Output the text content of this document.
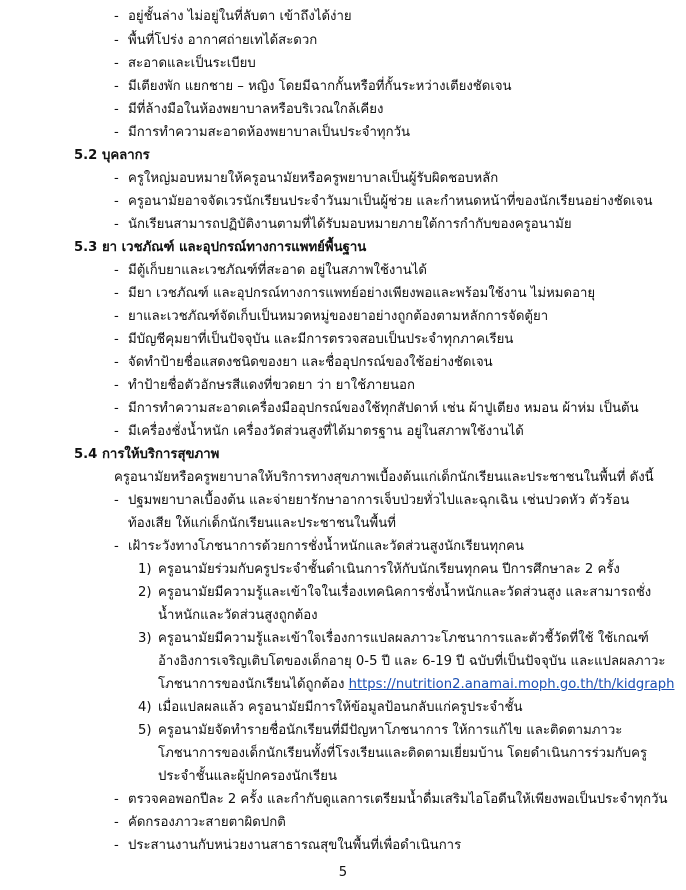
- อยู่ชั้นล่าง ไม่อยู่ในที่ลับตา เข้าถึงได้ง่าย
- พื้นที่โปร่ง อากาศถ่ายเทได้สะดวก
- สะอาดและเป็นระเบียบ
- มีเตียงพัก แยกชาย – หญิง โดยมีฉากกั้นหรือที่กั้นระหว่างเตียงชัดเจน
- มีที่ล้างมือในห้องพยาบาลหรือบริเวณใกล้เคียง
- มีการทำความสะอาดห้องพยาบาลเป็นประจำทุกวัน
5.2 บุคลากร
- ครูใหญ่มอบหมายให้ครูอนามัยหรือครูพยาบาลเป็นผู้รับผิดชอบหลัก
- ครูอนามัยอาจจัดเวรนักเรียนประจำวันมาเป็นผู้ช่วย และกำหนดหน้าที่ของนักเรียนอย่างชัดเจน
- นักเรียนสามารถปฏิบัติงานตามที่ได้รับมอบหมายภายใต้การกำกับของครูอนามัย
5.3 ยา เวชภัณฑ์ และอุปกรณ์ทางการแพทย์พื้นฐาน
- มีตู้เก็บยาและเวชภัณฑ์ที่สะอาด อยู่ในสภาพใช้งานได้
- มียา เวชภัณฑ์ และอุปกรณ์ทางการแพทย์อย่างเพียงพอและพร้อมใช้งาน ไม่หมดอายุ
- ยาและเวชภัณฑ์จัดเก็บเป็นหมวดหมู่ของยาอย่างถูกต้องตามหลักการจัดตู้ยา
- มีบัญชีคุมยาที่เป็นปัจจุบัน และมีการตรวจสอบเป็นประจำทุกภาคเรียน
- จัดทำป้ายชื่อแสดงชนิดของยา และชื่ออุปกรณ์ของใช้อย่างชัดเจน
- ทำป้ายชื่อตัวอักษรสีแดงที่ขวดยา ว่า ยาใช้ภายนอก
- มีการทำความสะอาดเครื่องมืออุปกรณ์ของใช้ทุกสัปดาห์ เช่น ผ้าปูเตียง หมอน ผ้าห่ม เป็นต้น
- มีเครื่องชั่งน้ำหนัก เครื่องวัดส่วนสูงที่ได้มาตรฐาน อยู่ในสภาพใช้งานได้
5.4 การให้บริการสุขภาพ
ครูอนามัยหรือครูพยาบาลให้บริการทางสุขภาพเบื้องต้นแก่เด็กนักเรียนและประชาชนในพื้นที่ ดังนี้
- ปฐมพยาบาลเบื้องต้น และจ่ายยารักษาอาการเจ็บป่วยทั่วไปและฉุกเฉิน เช่นปวดหัว ตัวร้อน
ท้องเสีย ให้แก่เด็กนักเรียนและประชาชนในพื้นที่
- เฝ้าระวังทางโภชนาการด้วยการชั่งน้ำหนักและวัดส่วนสูงนักเรียนทุกคน
1) ครูอนามัยร่วมกับครูประจำชั้นดำเนินการให้กับนักเรียนทุกคน ปีการศึกษาละ 2 ครั้ง
2) ครูอนามัยมีความรู้และเข้าใจในเรื่องเทคนิคการชั่งน้ำหนักและวัดส่วนสูง และสามารถชั่ง
น้ำหนักและวัดส่วนสูงถูกต้อง
3) ครูอนามัยมีความรู้และเข้าใจเรื่องการแปลผลภาวะโภชนาการและตัวชี้วัดที่ใช้ ใช้เกณฑ์
อ้างอิงการเจริญเติบโตของเด็กอายุ 0-5 ปี และ 6-19 ปี ฉบับที่เป็นปัจจุบัน และแปลผลภาวะ
โภชนาการของนักเรียนได้ถูกต้อง https://nutrition2.anamai.moph.go.th/th/kidgraph
4) เมื่อแปลผลแล้ว ครูอนามัยมีการให้ข้อมูลป้อนกลับแก่ครูประจำชั้น
5) ครูอนามัยจัดทำรายชื่อนักเรียนที่มีปัญหาโภชนาการ ให้การแก้ไข และติดตามภาวะ
โภชนาการของเด็กนักเรียนทั้งที่โรงเรียนและติดตามเยี่ยมบ้าน โดยดำเนินการร่วมกับครู
ประจำชั้นและผู้ปกครองนักเรียน
- ตรวจคอพอกปีละ 2 ครั้ง และกำกับดูแลการเตรียมน้ำดื่มเสริมไอโอดีนให้เพียงพอเป็นประจำทุกวัน
- คัดกรองภาวะสายตาผิดปกติ
- ประสานงานกับหน่วยงานสาธารณสุขในพื้นที่เพื่อดำเนินการ
5
